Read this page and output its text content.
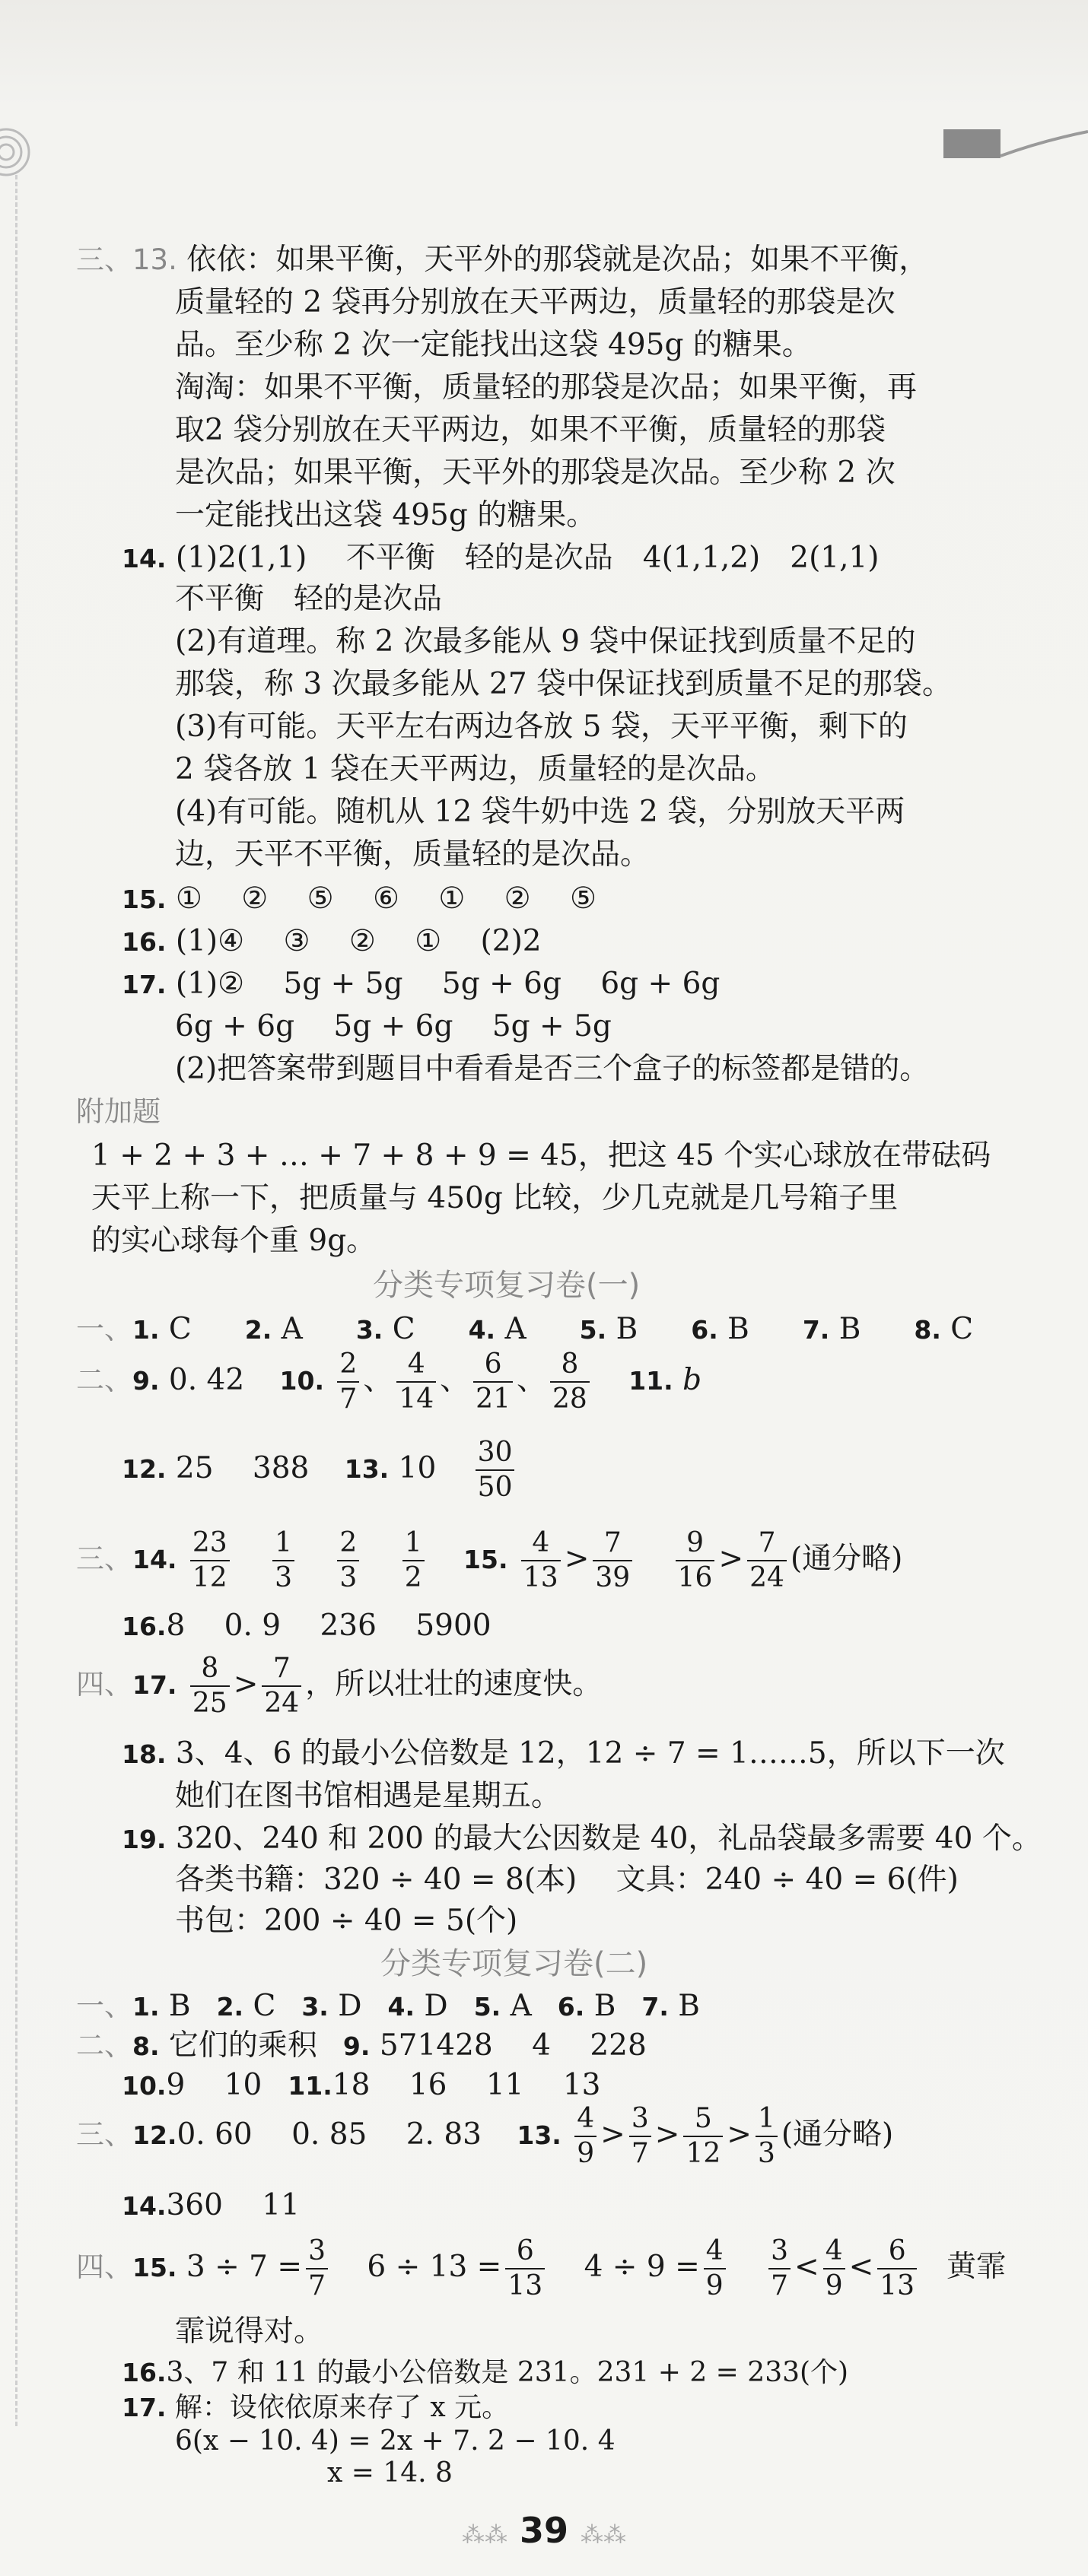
三、13. 依依：如果平衡，天平外的那袋就是次品；如果不平衡，
质量轻的 2 袋再分别放在天平两边，质量轻的那袋是次
品。至少称 2 次一定能找出这袋 495g 的糖果。
淘淘：如果不平衡，质量轻的那袋是次品；如果平衡，再
取2 袋分别放在天平两边，如果不平衡，质量轻的那袋
是次品；如果平衡，天平外的那袋是次品。至少称 2 次
一定能找出这袋 495g 的糖果。
14. (1)2(1,1)　 不平衡　轻的是次品　4(1,1,2)　2(1,1)
不平衡　轻的是次品
(2)有道理。称 2 次最多能从 9 袋中保证找到质量不足的
那袋，称 3 次最多能从 27 袋中保证找到质量不足的那袋。
(3)有可能。天平左右两边各放 5 袋，天平平衡，剩下的
2 袋各放 1 袋在天平两边，质量轻的是次品。
(4)有可能。随机从 12 袋牛奶中选 2 袋，分别放天平两
边，天平不平衡，质量轻的是次品。
15. ①　 ②　 ⑤　 ⑥　 ①　 ②　 ⑤
16. (1)④　 ③　 ②　 ①　 (2)2
17. (1)②　 5g + 5g　 5g + 6g　 6g + 6g
6g + 6g　 5g + 6g　 5g + 5g
(2)把答案带到题目中看看是否三个盒子的标签都是错的。
附加题
1 + 2 + 3 + … + 7 + 8 + 9 = 45，把这 45 个实心球放在带砝码
天平上称一下，把质量与 450g 比较，少几克就是几号箱子里
的实心球每个重 9g。
分类专项复习卷(一)
一、1. C 2. A 3. C 4. A 5. B 6. B 7. B 8. C
二、9. 0. 42 10. $\frac{2}{7}$ 、 $\frac{4}{14}$ 、 $\frac{6}{21}$ 、 $\frac{8}{28} 11$. b
12. 25　 388 13. $10 \frac{30}{50}$
三、14. $\frac{23}{12}$
$\frac{1}{3}$
$\frac{2}{3}$
$\frac{1}{2} 15$. $\frac{4}{13} > \frac{7}{39}$
$\frac{9}{16} > \frac{7}{24}$ (通分略)
16.8　 0. 9　 236　 5900
四、17. $\frac{8}{25} > \frac{7}{24}$ ，所以壮壮的速度快。
18. 3、4、6 的最小公倍数是 12，12 ÷ 7 = 1……5，所以下一次
她们在图书馆相遇是星期五。
19. 320、240 和 200 的最大公因数是 40，礼品袋最多需要 40 个。
各类书籍：320 ÷ 40 = 8(本)　 文具：240 ÷ 40 = 6(件)
书包：200 ÷ 40 = 5(个)
分类专项复习卷(二)
一、1. B 2. C 3. D 4. D 5. A 6. B 7. B
二、8. 它们的乘积 9. 571428　 4　 228
10.9　 10 11.18　 16　 11　 13
三、12.0. 60　 0. 85　 2. 83 13. $\frac{4}{9} > \frac{3}{7} > \frac{5}{12} > \frac{1}{3}$ (通分略)
14.360　 11
四、15. $3 \div 7 = \frac{3}{7} 6 \div 13 = \frac{6}{13} 4 \div 9 = \frac{4}{9}$
$\frac{3}{7} < \frac{4}{9} < \frac{6}{13}$ 黄霏
霏说得对。
16.3、7 和 11 的最小公倍数是 231。231 + 2 = 233(个)
17. 解：设依依原来存了 x 元。
6(x − 10. 4) = 2x + 7. 2 − 10. 4
x = 14. 8
⁂⁂ 39 ⁂⁂
